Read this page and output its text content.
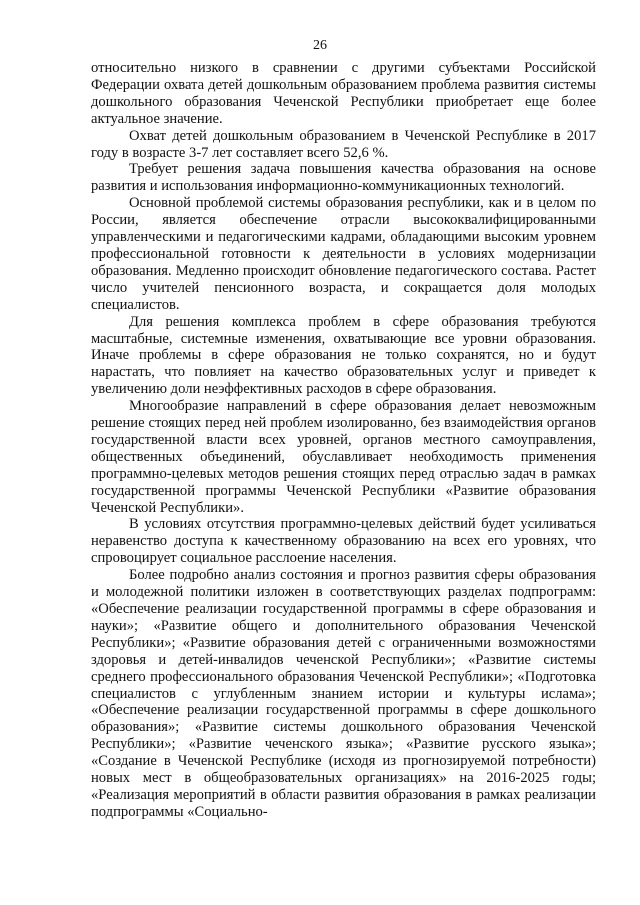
26

относительно низкого в сравнении с другими субъектами Российской Федерации охвата детей дошкольным образованием проблема развития системы дошкольного образования Чеченской Республики приобретает еще более актуальное значение.

Охват детей дошкольным образованием в Чеченской Республике в 2017 году в возрасте 3-7 лет составляет всего 52,6 %.

Требует решения задача повышения качества образования на основе развития и использования информационно-коммуникационных технологий.

Основной проблемой системы образования республики, как и в целом по России, является обеспечение отрасли высококвалифицированными управленческими и педагогическими кадрами, обладающими высоким уровнем профессиональной готовности к деятельности в условиях модернизации образования. Медленно происходит обновление педагогического состава. Растет число учителей пенсионного возраста, и сокращается доля молодых специалистов.

Для решения комплекса проблем в сфере образования требуются масштабные, системные изменения, охватывающие все уровни образования. Иначе проблемы в сфере образования не только сохранятся, но и будут нарастать, что повлияет на качество образовательных услуг и приведет к увеличению доли неэффективных расходов в сфере образования.

Многообразие направлений в сфере образования делает невозможным решение стоящих перед ней проблем изолированно, без взаимодействия органов государственной власти всех уровней, органов местного самоуправления, общественных объединений, обуславливает необходимость применения программно-целевых методов решения стоящих перед отраслью задач в рамках государственной программы Чеченской Республики «Развитие образования Чеченской Республики».

В условиях отсутствия программно-целевых действий будет усиливаться неравенство доступа к качественному образованию на всех его уровнях, что спровоцирует социальное расслоение населения.

Более подробно анализ состояния и прогноз развития сферы образования и молодежной политики изложен в соответствующих разделах подпрограмм: «Обеспечение реализации государственной программы в сфере образования и науки»; «Развитие общего и дополнительного образования Чеченской Республики»; «Развитие образования детей с ограниченными возможностями здоровья и детей-инвалидов чеченской Республики»; «Развитие системы среднего профессионального образования Чеченской Республики»; «Подготовка специалистов с углубленным знанием истории и культуры ислама»; «Обеспечение реализации государственной программы в сфере дошкольного образования»; «Развитие системы дошкольного образования Чеченской Республики»; «Развитие чеченского языка»; «Развитие русского языка»; «Создание в Чеченской Республике (исходя из прогнозируемой потребности) новых мест в общеобразовательных организациях» на 2016-2025 годы; «Реализация мероприятий в области развития образования в рамках реализации подпрограммы «Социально-
